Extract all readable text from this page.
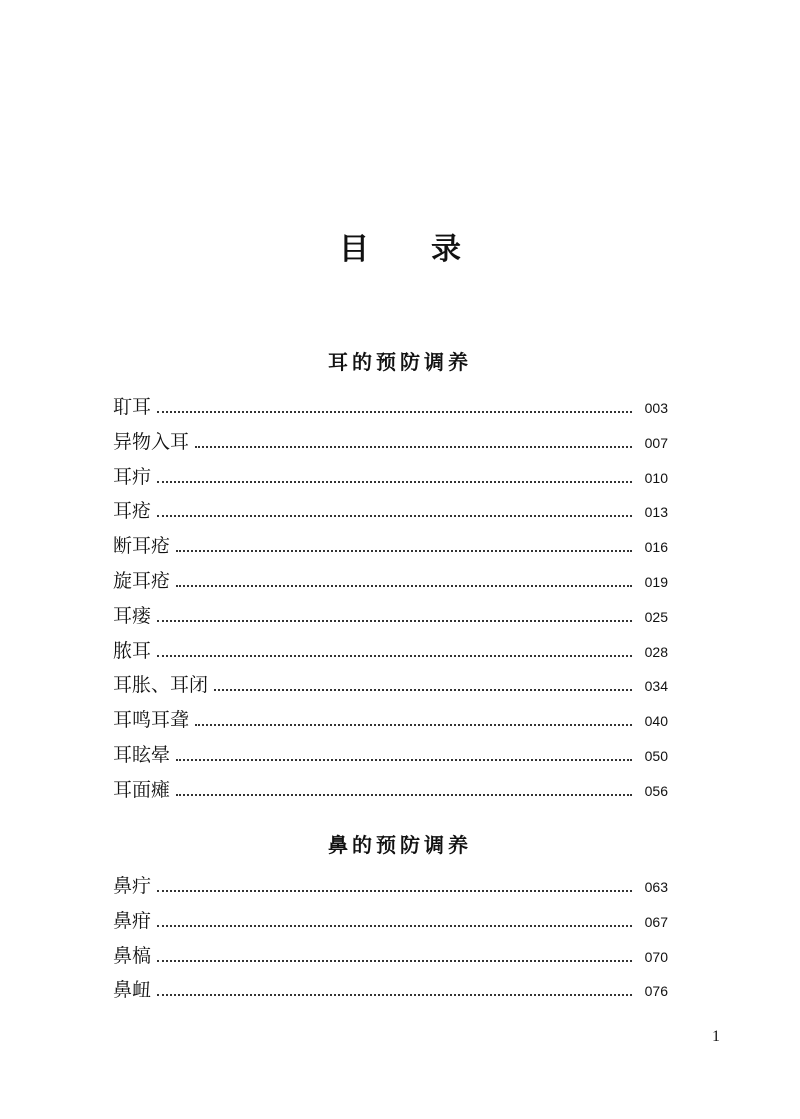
目 录
耳的预防调养
耵耳	003
异物入耳	007
耳疖	010
耳疮	013
断耳疮	016
旋耳疮	019
耳瘘	025
脓耳	028
耳胀、耳闭	034
耳鸣耳聋	040
耳眩晕	050
耳面瘫	056
鼻的预防调养
鼻疔	063
鼻疳	067
鼻槁	070
鼻衄	076
1
